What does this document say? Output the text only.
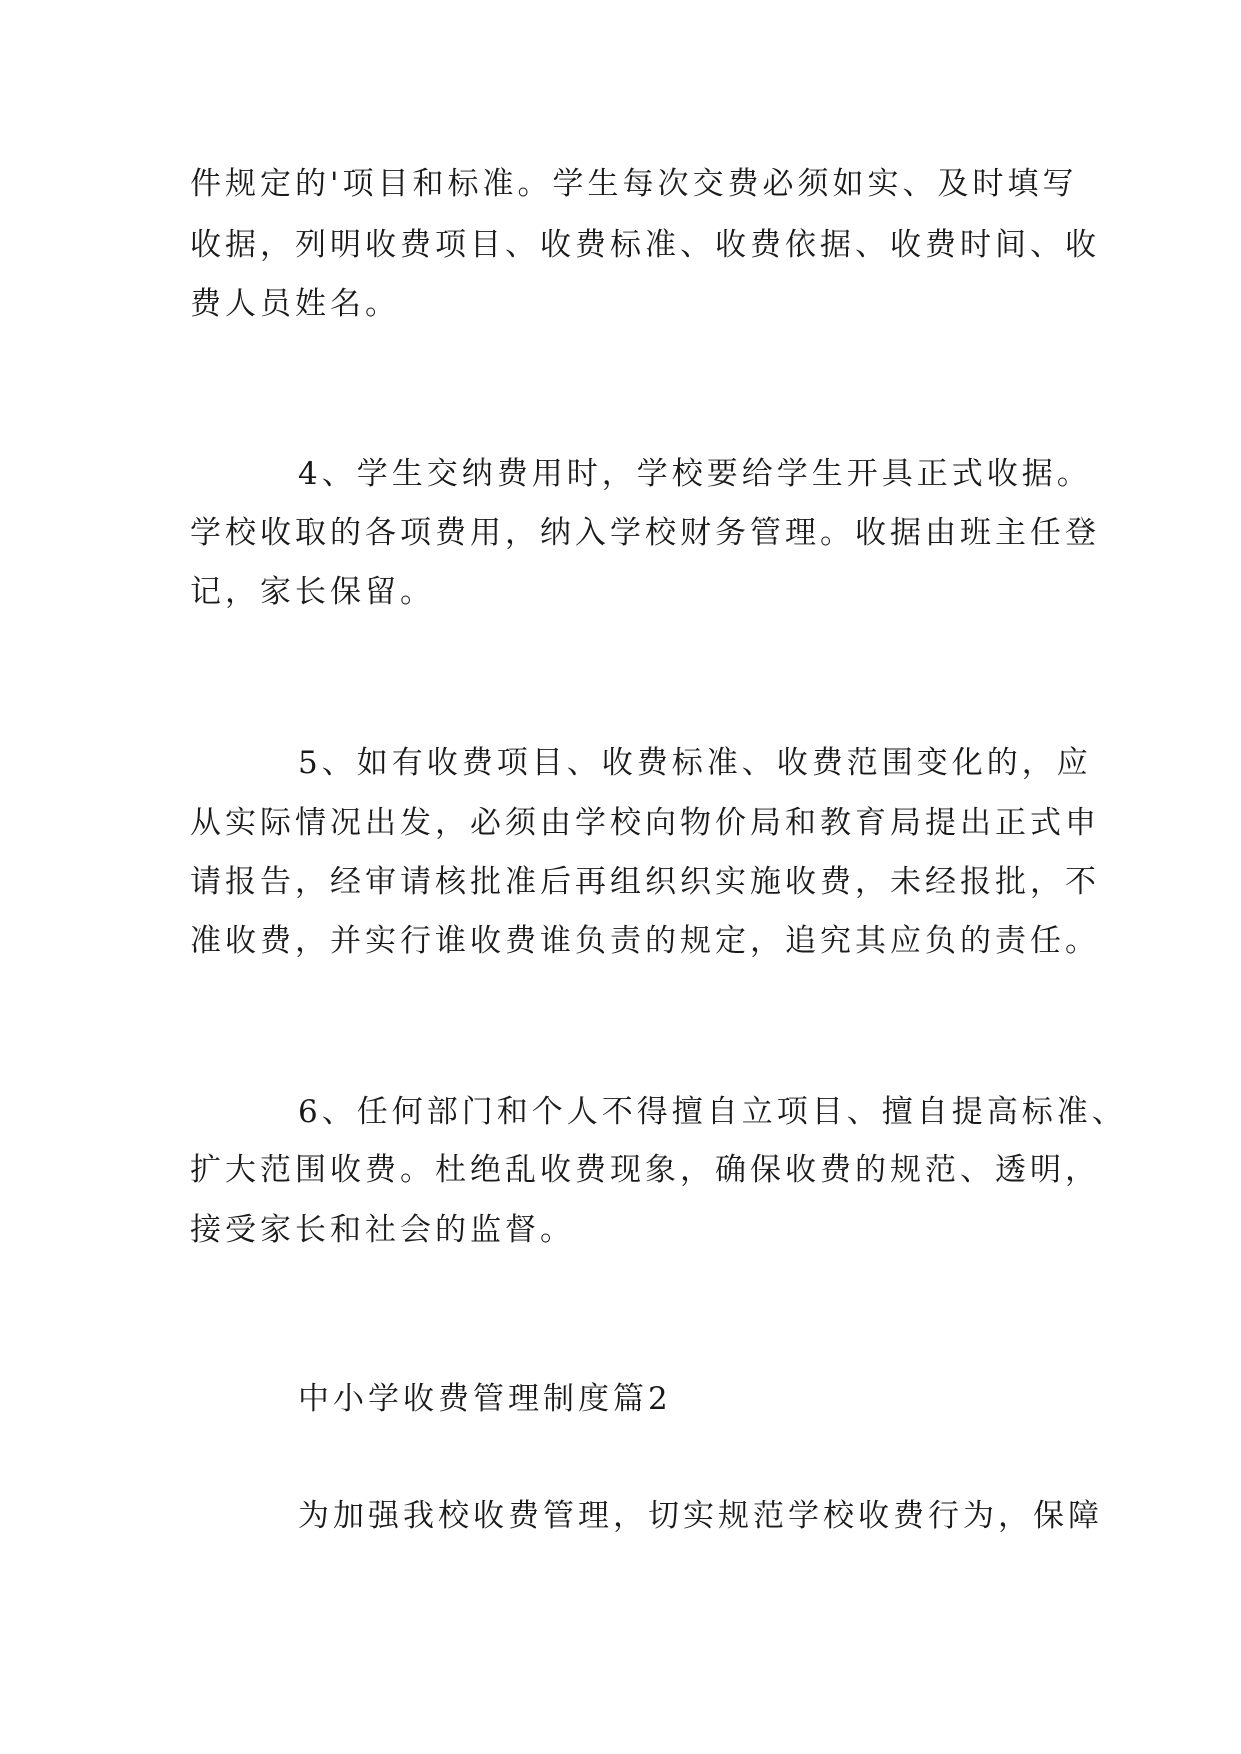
件规定的'项目和标准。学生每次交费必须如实、及时填写

收据，列明收费项目、收费标准、收费依据、收费时间、收

费人员姓名。

4、学生交纳费用时，学校要给学生开具正式收据。

学校收取的各项费用，纳入学校财务管理。收据由班主任登

记，家长保留。

5、如有收费项目、收费标准、收费范围变化的，应

从实际情况出发，必须由学校向物价局和教育局提出正式申

请报告，经审请核批准后再组织织实施收费，未经报批，不

准收费，并实行谁收费谁负责的规定，追究其应负的责任。

6、任何部门和个人不得擅自立项目、擅自提高标准、

扩大范围收费。杜绝乱收费现象，确保收费的规范、透明，

接受家长和社会的监督。

中小学收费管理制度篇2

为加强我校收费管理，切实规范学校收费行为，保障
